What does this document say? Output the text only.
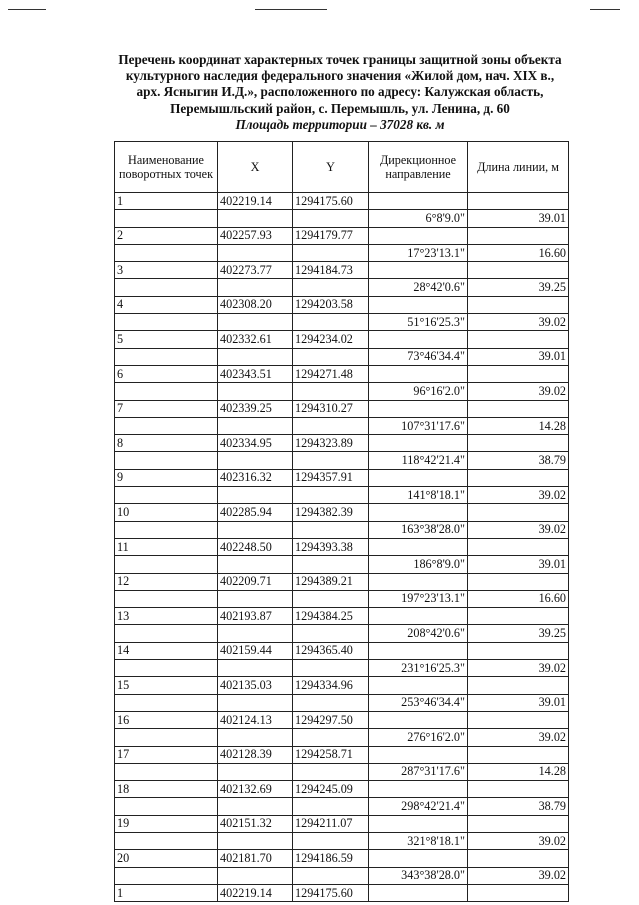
Перечень координат характерных точек границы защитной зоны объекта
культурного наследия федерального значения «Жилой дом, нач. XIX в.,
арх. Ясныгин И.Д.», расположенного по адресу: Калужская область,
Перемышльский район, с. Перемышль, ул. Ленина, д. 60
Площадь территории – 37028 кв. м
Наименование поворотных точек	X	Y	Дирекционное направление	Длина линии, м
1	402219.14	1294175.60		
			6°8'9.0"	39.01
2	402257.93	1294179.77		
			17°23'13.1"	16.60
3	402273.77	1294184.73		
			28°42'0.6"	39.25
4	402308.20	1294203.58		
			51°16'25.3"	39.02
5	402332.61	1294234.02		
			73°46'34.4"	39.01
6	402343.51	1294271.48		
			96°16'2.0"	39.02
7	402339.25	1294310.27		
			107°31'17.6"	14.28
8	402334.95	1294323.89		
			118°42'21.4"	38.79
9	402316.32	1294357.91		
			141°8'18.1"	39.02
10	402285.94	1294382.39		
			163°38'28.0"	39.02
11	402248.50	1294393.38		
			186°8'9.0"	39.01
12	402209.71	1294389.21		
			197°23'13.1"	16.60
13	402193.87	1294384.25		
			208°42'0.6"	39.25
14	402159.44	1294365.40		
			231°16'25.3"	39.02
15	402135.03	1294334.96		
			253°46'34.4"	39.01
16	402124.13	1294297.50		
			276°16'2.0"	39.02
17	402128.39	1294258.71		
			287°31'17.6"	14.28
18	402132.69	1294245.09		
			298°42'21.4"	38.79
19	402151.32	1294211.07		
			321°8'18.1"	39.02
20	402181.70	1294186.59		
			343°38'28.0"	39.02
1	402219.14	1294175.60		
